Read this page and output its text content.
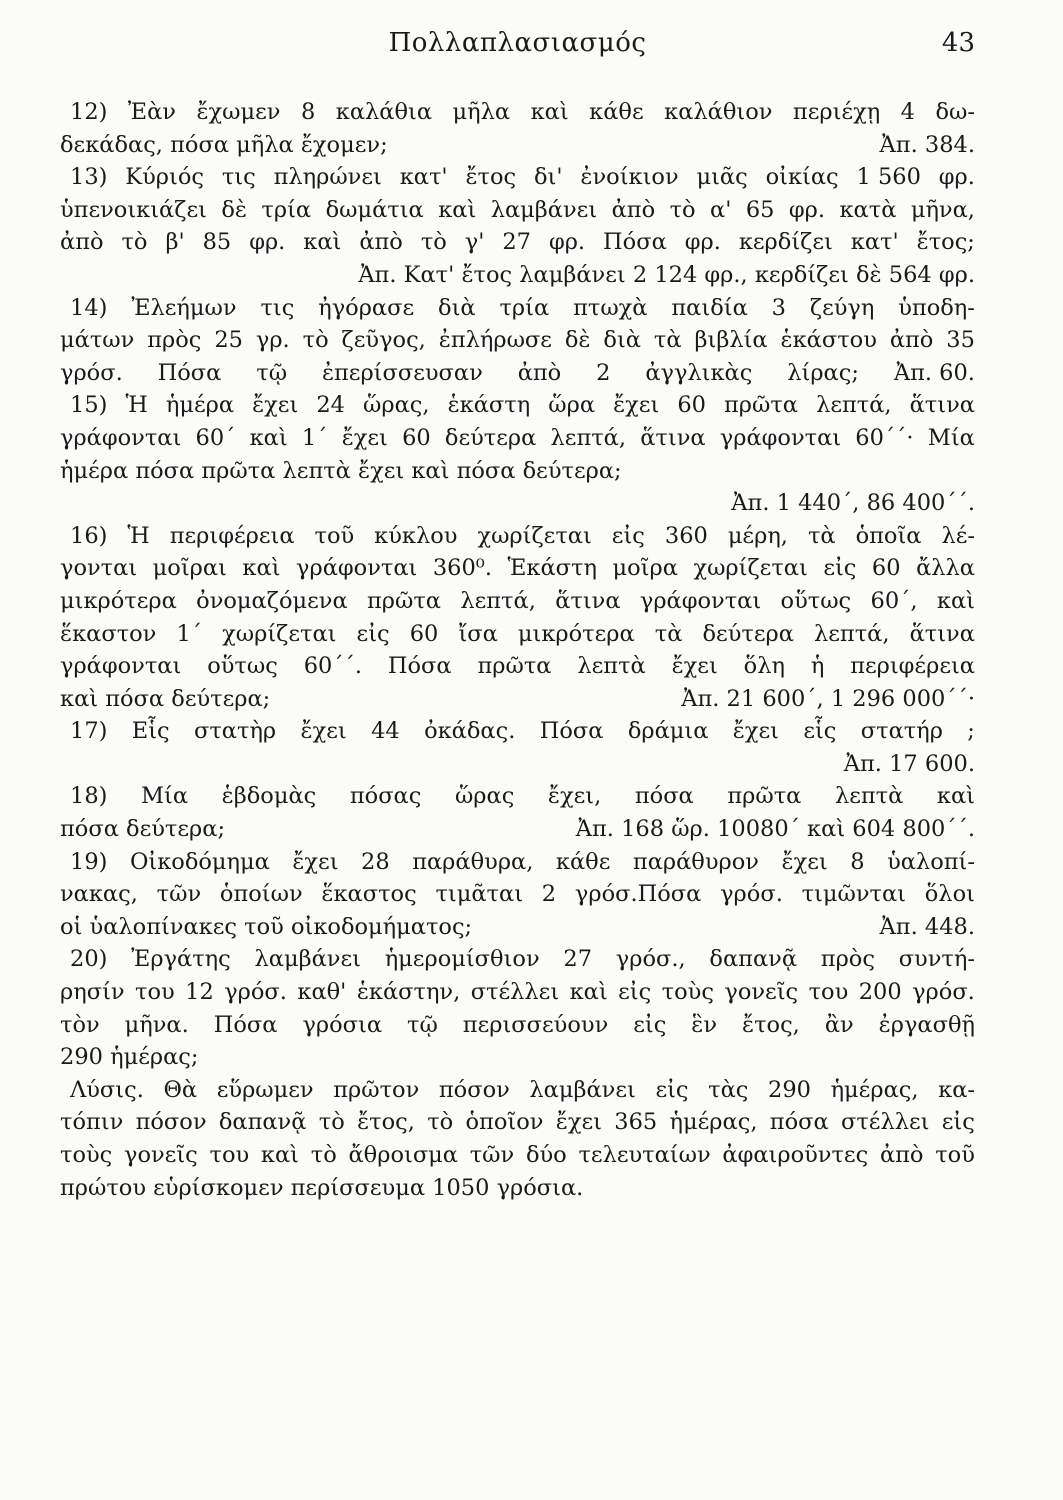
Πολλαπλασιασμός	43
12) Ἐὰν ἔχωμεν 8 καλάθια μῆλα καὶ κάθε καλάθιον περιέχῃ 4 δω-
δεκάδας, πόσα μῆλα ἔχομεν;	Ἀπ. 384.
13) Κύριός τις πληρώνει κατ' ἔτος δι' ἐνοίκιον μιᾶς οἰκίας 1 560 φρ.
ὑπενοικιάζει δὲ τρία δωμάτια καὶ λαμβάνει ἀπὸ τὸ α' 65 φρ. κατὰ μῆνα,
ἀπὸ τὸ β' 85 φρ. καὶ ἀπὸ τὸ γ' 27 φρ. Πόσα φρ. κερδίζει κατ' ἔτος;
Ἀπ. Κατ' ἔτος λαμβάνει 2 124 φρ., κερδίζει δὲ 564 φρ.
14) Ἐλεήμων τις ἠγόρασε διὰ τρία πτωχὰ παιδία 3 ζεύγη ὑποδη-
μάτων πρὸς 25 γρ. τὸ ζεῦγος, ἐπλήρωσε δὲ διὰ τὰ βιβλία ἑκάστου ἀπὸ 35
γρόσ. Πόσα τῷ ἐπερίσσευσαν ἀπὸ 2 ἀγγλικὰς λίρας; Ἀπ. 60.
15) Ἡ ἡμέρα ἔχει 24 ὥρας, ἑκάστη ὥρα ἔχει 60 πρῶτα λεπτά, ἅτινα
γράφονται 60΄ καὶ 1΄ ἔχει 60 δεύτερα λεπτά, ἅτινα γράφονται 60΄΄· Μία
ἡμέρα πόσα πρῶτα λεπτὰ ἔχει καὶ πόσα δεύτερα;
Ἀπ. 1 440΄, 86 400΄΄.
16) Ἡ περιφέρεια τοῦ κύκλου χωρίζεται εἰς 360 μέρη, τὰ ὁποῖα λέ-
γονται μοῖραι καὶ γράφονται 360⁰. Ἑκάστη μοῖρα χωρίζεται εἰς 60 ἄλλα
μικρότερα ὀνομαζόμενα πρῶτα λεπτά, ἅτινα γράφονται οὕτως 60΄, καὶ
ἕκαστον 1΄ χωρίζεται εἰς 60 ἴσα μικρότερα τὰ δεύτερα λεπτά, ἅτινα
γράφονται οὕτως 60΄΄. Πόσα πρῶτα λεπτὰ ἔχει ὅλη ἡ περιφέρεια
καὶ πόσα δεύτερα;	Ἀπ. 21 600΄, 1 296 000΄΄·
17) Εἷς στατὴρ ἔχει 44 ὀκάδας. Πόσα δράμια ἔχει εἷς στατήρ ;
Ἀπ. 17 600.
18) Μία ἑβδομὰς πόσας ὥρας ἔχει, πόσα πρῶτα λεπτὰ καὶ
πόσα δεύτερα;	Ἀπ. 168 ὥρ. 10080΄ καὶ 604 800΄΄.
19) Οἰκοδόμημα ἔχει 28 παράθυρα, κάθε παράθυρον ἔχει 8 ὑαλοπί-
νακας, τῶν ὁποίων ἕκαστος τιμᾶται 2 γρόσ.Πόσα γρόσ. τιμῶνται ὅλοι
οἱ ὑαλοπίνακες τοῦ οἰκοδομήματος;	Ἀπ. 448.
20) Ἐργάτης λαμβάνει ἡμερομίσθιον 27 γρόσ., δαπανᾷ πρὸς συντή-
ρησίν του 12 γρόσ. καθ' ἑκάστην, στέλλει καὶ εἰς τοὺς γονεῖς του 200 γρόσ.
τὸν μῆνα. Πόσα γρόσια τῷ περισσεύουν εἰς ἓν ἔτος, ἂν ἐργασθῇ
290 ἡμέρας;
Λύσις. Θὰ εὕρωμεν πρῶτον πόσον λαμβάνει εἰς τὰς 290 ἡμέρας, κα-
τόπιν πόσον δαπανᾷ τὸ ἔτος, τὸ ὁποῖον ἔχει 365 ἡμέρας, πόσα στέλλει εἰς
τοὺς γονεῖς του καὶ τὸ ἄθροισμα τῶν δύο τελευταίων ἀφαιροῦντες ἀπὸ τοῦ
πρώτου εὑρίσκομεν περίσσευμα 1050 γρόσια.
